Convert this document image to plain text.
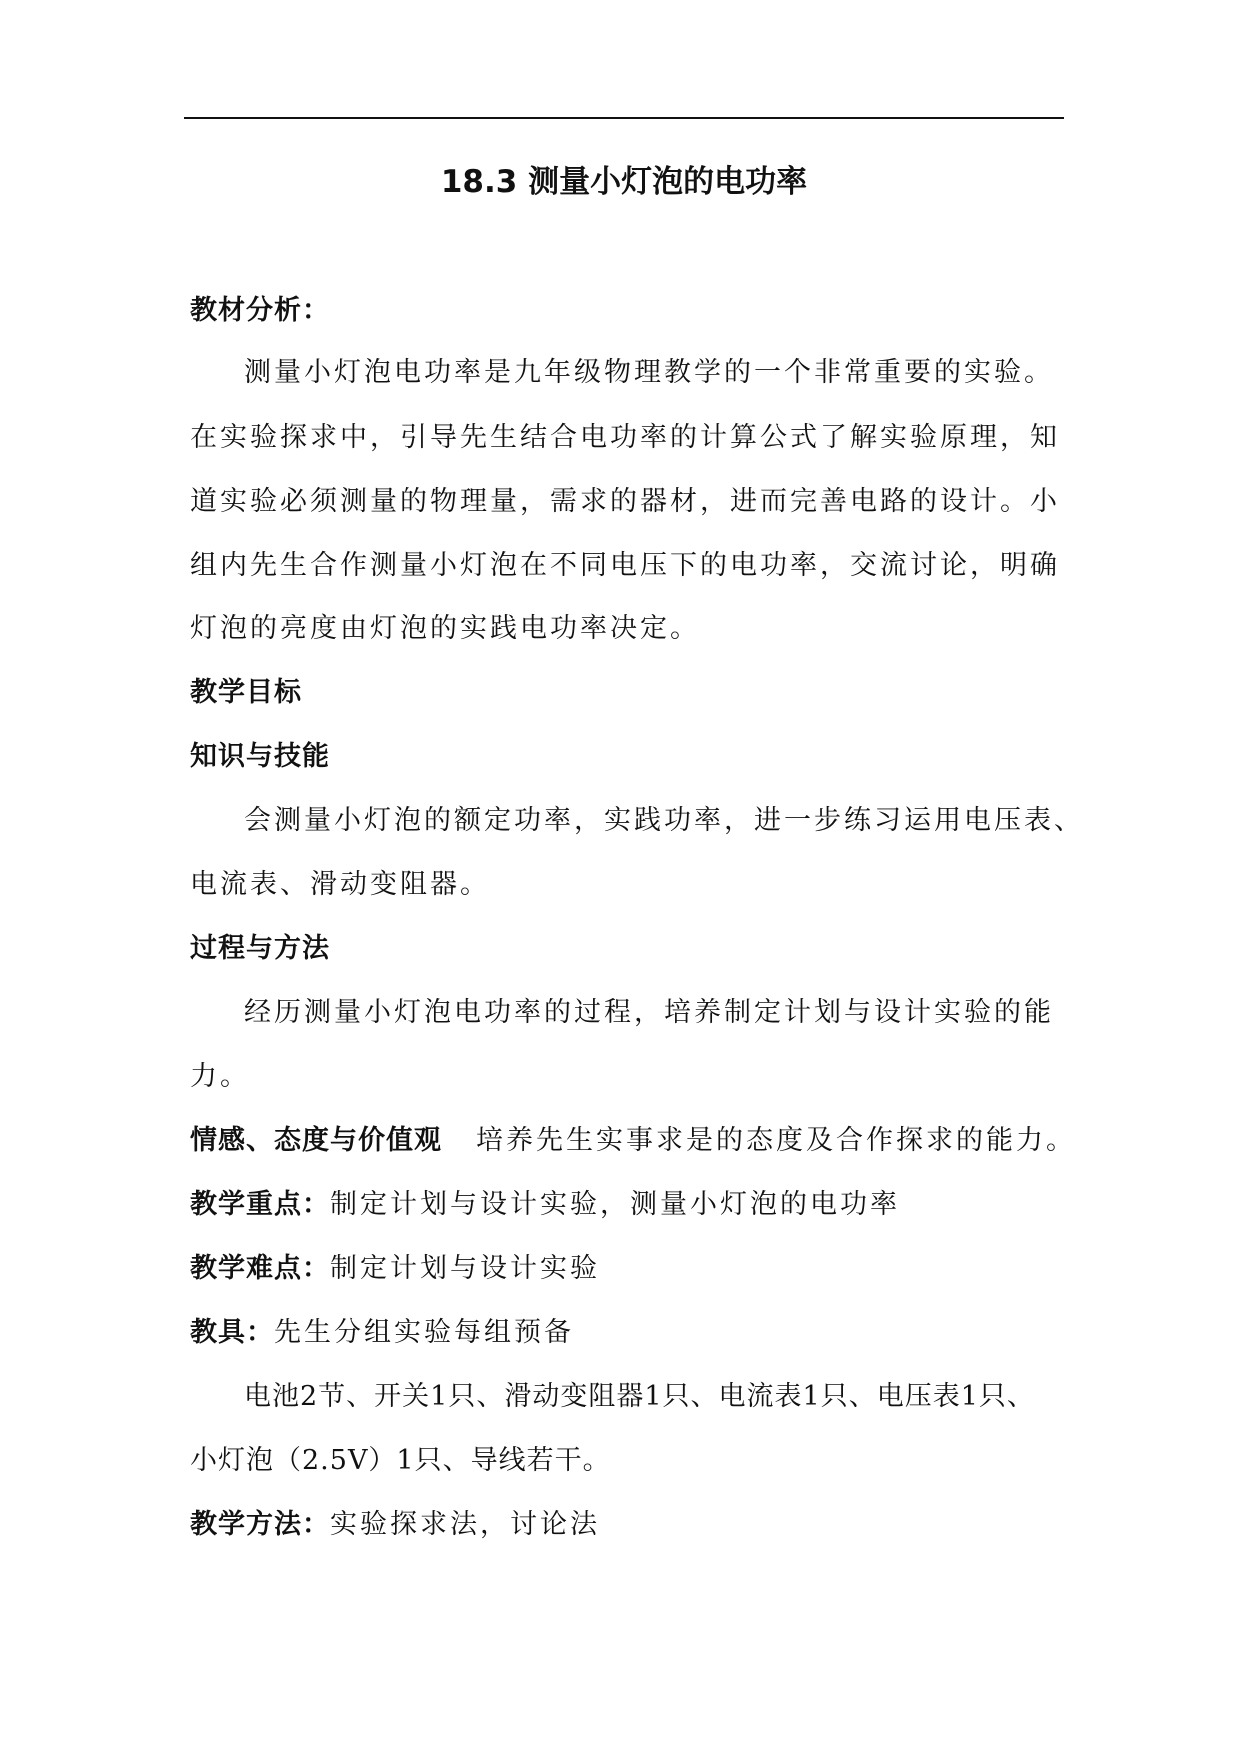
18.3 测量小灯泡的电功率
教材分析：
测量小灯泡电功率是九年级物理教学的一个非常重要的实验。
在实验探求中，引导先生结合电功率的计算公式了解实验原理，知
道实验必须测量的物理量，需求的器材，进而完善电路的设计。小
组内先生合作测量小灯泡在不同电压下的电功率，交流讨论，明确
灯泡的亮度由灯泡的实践电功率决定。
教学目标
知识与技能
会测量小灯泡的额定功率，实践功率，进一步练习运用电压表、
电流表、滑动变阻器。
过程与方法
经历测量小灯泡电功率的过程，培养制定计划与设计实验的能
力。
情感、态度与价值观 培养先生实事求是的态度及合作探求的能力。
教学重点：制定计划与设计实验，测量小灯泡的电功率
教学难点：制定计划与设计实验
教具：先生分组实验每组预备
电池2节、开关1只、滑动变阻器1只、电流表1只、电压表1只、
小灯泡（2.5V）1只、导线若干。
教学方法：实验探求法，讨论法
